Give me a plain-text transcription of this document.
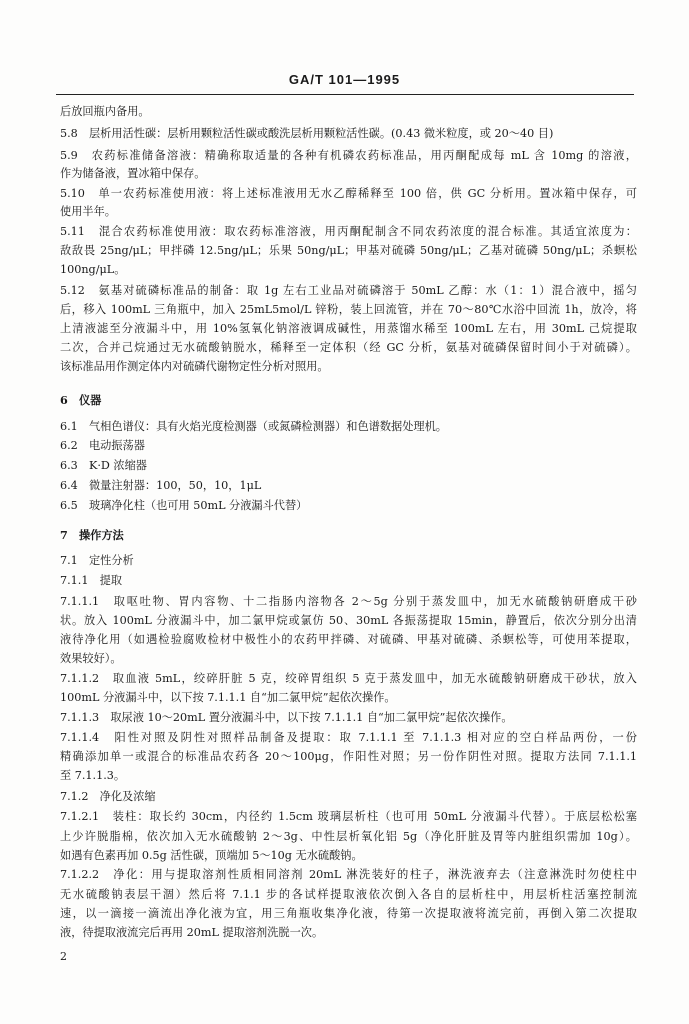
GA/T 101—1995
后放回瓶内备用。
5.8　层析用活性碳：层析用颗粒活性碳或酸洗层析用颗粒活性碳。(0.43 微米粒度，或 20～40 目)
5.9　农药标准储备溶液：精确称取适量的各种有机磷农药标准品，用丙酮配成每 mL 含 10mg 的溶液，
作为储备液，置冰箱中保存。
5.10　单一农药标准使用液：将上述标准液用无水乙醇稀释至 100 倍，供 GC 分析用。置冰箱中保存，可
使用半年。
5.11　混合农药标准使用液：取农药标准溶液，用丙酮配制含不同农药浓度的混合标准。其适宜浓度为：
敌敌畏 25ng/μL；甲拌磷 12.5ng/μL；乐果 50ng/μL；甲基对硫磷 50ng/μL；乙基对硫磷 50ng/μL；杀螟松
100ng/μL。
5.12　氨基对硫磷标准品的制备：取 1g 左右工业品对硫磷溶于 50mL 乙醇：水（1：1）混合液中，摇匀
后，移入 100mL 三角瓶中，加入 25mL5mol/L 锌粉，装上回流管，并在 70～80℃水浴中回流 1h，放冷，将
上清液滤至分液漏斗中，用 10%氢氧化钠溶液调成碱性，用蒸馏水稀至 100mL 左右，用 30mL 己烷提取
二次，合并己烷通过无水硫酸钠脱水，稀释至一定体积（经 GC 分析，氨基对硫磷保留时间小于对硫磷）。
该标准品用作测定体内对硫磷代谢物定性分析对照用。
6　仪器
6.1　气相色谱仪：具有火焰光度检测器（或氮磷检测器）和色谱数据处理机。
6.2　电动振荡器
6.3　K·D 浓缩器
6.4　微量注射器：100，50，10，1μL
6.5　玻璃净化柱（也可用 50mL 分液漏斗代替）
7　操作方法
7.1　定性分析
7.1.1　提取
7.1.1.1　取呕吐物、胃内容物、十二指肠内溶物各 2～5g 分别于蒸发皿中，加无水硫酸钠研磨成干砂
状。放入 100mL 分液漏斗中，加二氯甲烷或氯仿 50、30mL 各振荡提取 15min，静置后，依次分别分出清
液待净化用（如遇检验腐败检材中极性小的农药甲拌磷、对硫磷、甲基对硫磷、杀螟松等，可使用苯提取，
效果较好）。
7.1.1.2　取血液 5mL，绞碎肝脏 5 克，绞碎胃组织 5 克于蒸发皿中，加无水硫酸钠研磨成干砂状，放入
100mL 分液漏斗中，以下按 7.1.1.1 自“加二氯甲烷”起依次操作。
7.1.1.3　取尿液 10～20mL 置分液漏斗中，以下按 7.1.1.1 自“加二氯甲烷”起依次操作。
7.1.1.4　阳性对照及阴性对照样品制备及提取：取 7.1.1.1 至 7.1.1.3 相对应的空白样品两份，一份
精确添加单一或混合的标准品农药各 20～100μg，作阳性对照；另一份作阴性对照。提取方法同 7.1.1.1
至 7.1.1.3。
7.1.2　净化及浓缩
7.1.2.1　装柱：取长约 30cm，内径约 1.5cm 玻璃层析柱（也可用 50mL 分液漏斗代替）。于底层松松塞
上少许脱脂棉，依次加入无水硫酸钠 2～3g、中性层析氧化铝 5g（净化肝脏及胃等内脏组织需加 10g）。
如遇有色素再加 0.5g 活性碳，顶端加 5～10g 无水硫酸钠。
7.1.2.2　净化：用与提取溶剂性质相同溶剂 20mL 淋洗装好的柱子，淋洗液弃去（注意淋洗时勿使柱中
无水硫酸钠表层干涸）然后将 7.1.1 步的各试样提取液依次倒入各自的层析柱中，用层析柱活塞控制流
速，以一滴接一滴流出净化液为宜，用三角瓶收集净化液，待第一次提取液将流完前，再倒入第二次提取
液，待提取液流完后再用 20mL 提取溶剂洗脱一次。
2
